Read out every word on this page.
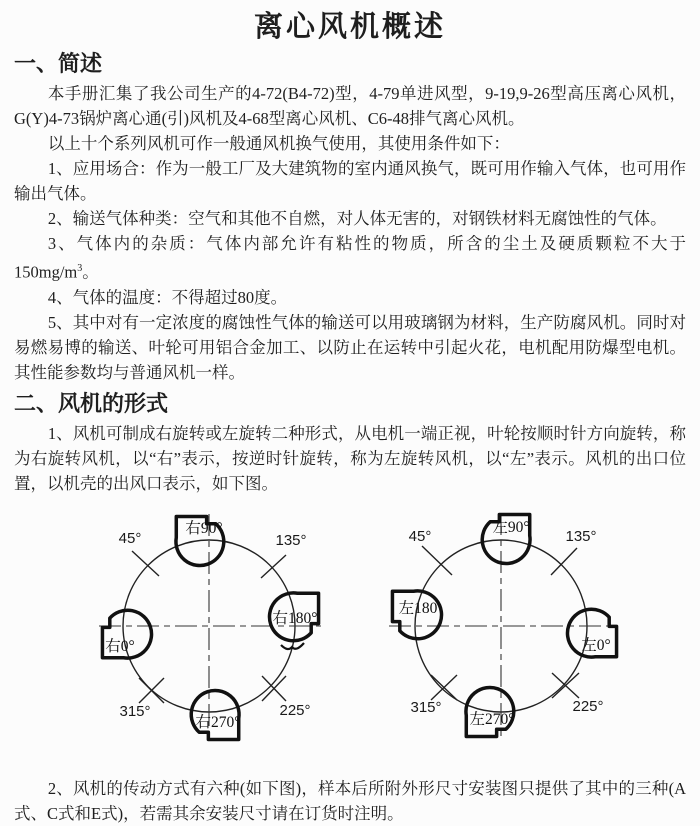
离心风机概述
一、简述

本手册汇集了我公司生产的4-72(B4-72)型，4-79单进风型，9-19,9-26型高压离心风机，G(Y)4-73锅炉离心通(引)风机及4-68型离心风机、C6-48排气离心风机。

以上十个系列风机可作一般通风机换气使用，其使用条件如下：

1、应用场合：作为一般工厂及大建筑物的室内通风换气，既可用作输入气体，也可用作输出气体。

2、输送气体种类：空气和其他不自燃，对人体无害的，对钢铁材料无腐蚀性的气体。

3、气体内的杂质：气体内部允许有粘性的物质，所含的尘土及硬质颗粒不大于$150mg/m^3$。

4、气体的温度：不得超过80度。

5、其中对有一定浓度的腐蚀性气体的输送可以用玻璃钢为材料，生产防腐风机。同时对易燃易博的输送、叶轮可用铝合金加工、以防止在运转中引起火花，电机配用防爆型电机。其性能参数均与普通风机一样。

二、风机的形式

1、风机可制成右旋转或左旋转二种形式，从电机一端正视，叶轮按顺时针方向旋转，称为右旋转风机，以“右”表示，按逆时针旋转，称为左旋转风机，以“左”表示。风机的出口位置，以机壳的出风口表示，如下图。

45°	135°
315°	225°
右90°
右180°
右270°
右0°
45°	135°
315°	225°
左90°
左180
左0°
左270°

2、风机的传动方式有六种(如下图)，样本后所附外形尺寸安装图只提供了其中的三种(A式、C式和E式)，若需其余安装尺寸请在订货时注明。
